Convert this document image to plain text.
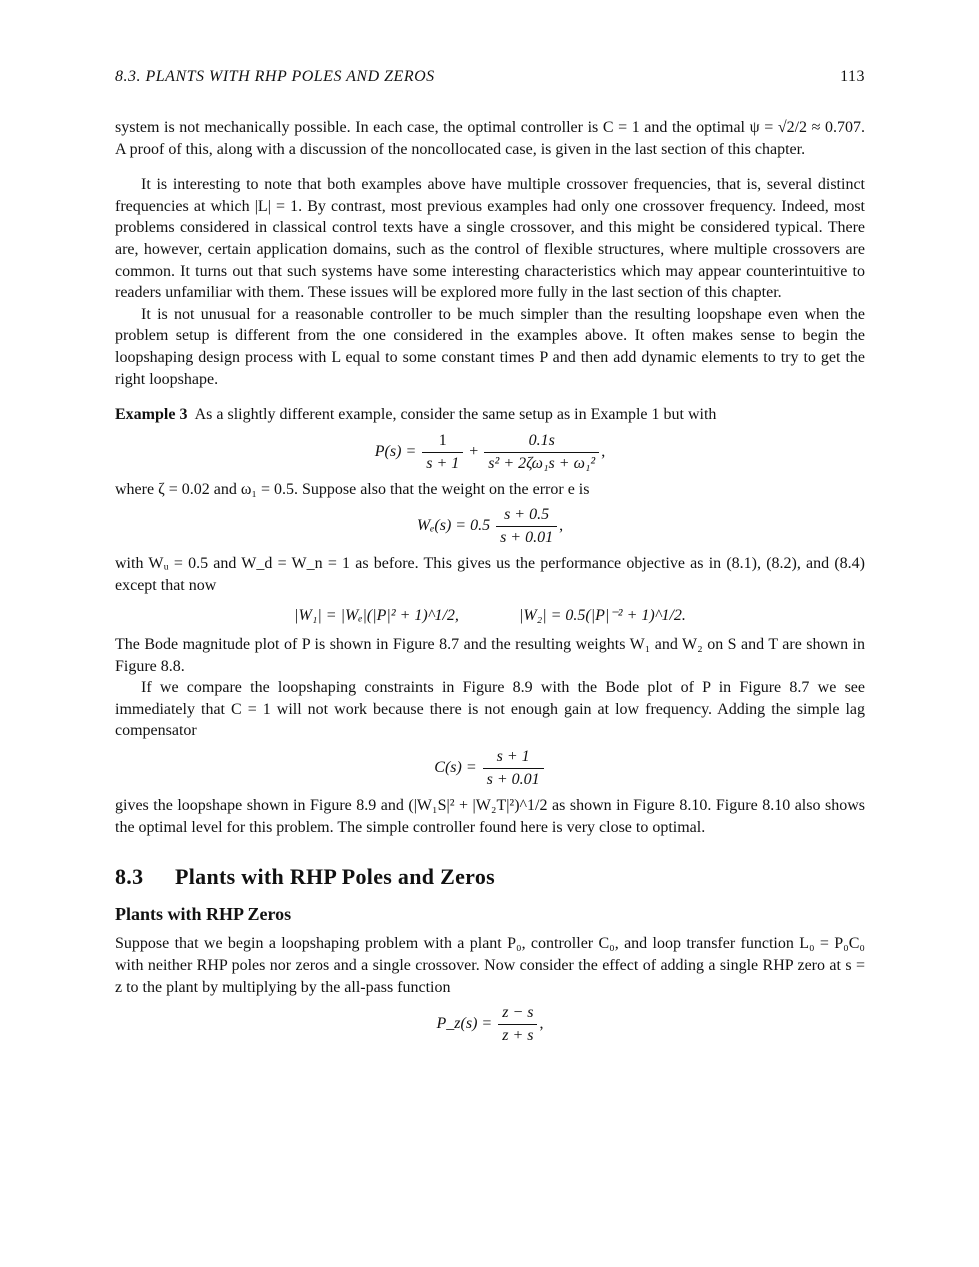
8.3. PLANTS WITH RHP POLES AND ZEROS	113

system is not mechanically possible. In each case, the optimal controller is C = 1 and the optimal ψ = √2/2 ≈ 0.707. A proof of this, along with a discussion of the noncollocated case, is given in the last section of this chapter.

It is interesting to note that both examples above have multiple crossover frequencies, that is, several distinct frequencies at which |L| = 1. By contrast, most previous examples had only one crossover frequency. Indeed, most problems considered in classical control texts have a single crossover, and this might be considered typical. There are, however, certain application domains, such as the control of flexible structures, where multiple crossovers are common. It turns out that such systems have some interesting characteristics which may appear counterintuitive to readers unfamiliar with them. These issues will be explored more fully in the last section of this chapter.

It is not unusual for a reasonable controller to be much simpler than the resulting loopshape even when the problem setup is different from the one considered in the examples above. It often makes sense to begin the loopshaping design process with L equal to some constant times P and then add dynamic elements to try to get the right loopshape.

Example 3 As a slightly different example, consider the same setup as in Example 1 but with

$P(s) = \frac{1}{s + 1} + \frac{0.1s}{\text{s² + 2ζω₁s + ω₁²}}$ ,

where ζ = 0.02 and ω₁ = 0.5. Suppose also that the weight on the error e is

$W_e(s) = 0.5 \frac{s + 0.5}{s + 0.01}$ ,

with Wᵤ = 0.5 and W_d = W_n = 1 as before. This gives us the performance objective as in (8.1), (8.2), and (8.4) except that now

|W₁| = |Wₑ|(|P|² + 1)^1/2,	|W₂| = 0.5(|P|⁻² + 1)^1/2.

The Bode magnitude plot of P is shown in Figure 8.7 and the resulting weights W₁ and W₂ on S and T are shown in Figure 8.8.

If we compare the loopshaping constraints in Figure 8.9 with the Bode plot of P in Figure 8.7 we see immediately that C = 1 will not work because there is not enough gain at low frequency. Adding the simple lag compensator

$C(s) = \frac{s + 1}{s + 0.01}$

gives the loopshape shown in Figure 8.9 and (|W₁S|² + |W₂T|²)^1/2 as shown in Figure 8.10. Figure 8.10 also shows the optimal level for this problem. The simple controller found here is very close to optimal.

8.3 Plants with RHP Poles and Zeros
Plants with RHP Zeros

Suppose that we begin a loopshaping problem with a plant P₀, controller C₀, and loop transfer function L₀ = P₀C₀ with neither RHP poles nor zeros and a single crossover. Now consider the effect of adding a single RHP zero at s = z to the plant by multiplying by the all-pass function

P_z(s) = $\frac{z - s}{z + s}$ ,
